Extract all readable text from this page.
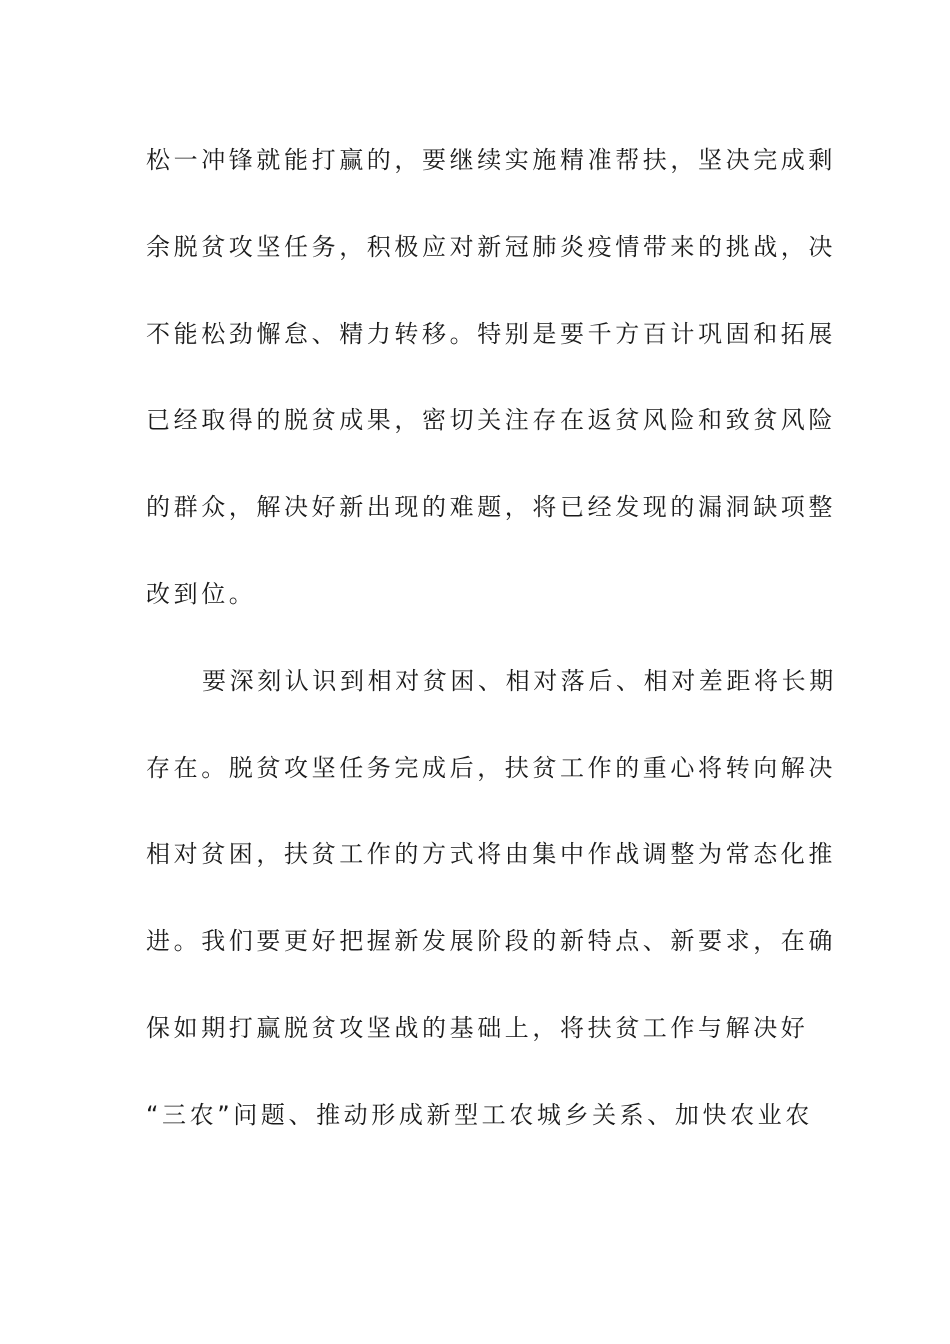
松一冲锋就能打赢的，要继续实施精准帮扶，坚决完成剩
余脱贫攻坚任务，积极应对新冠肺炎疫情带来的挑战，决
不能松劲懈怠、精力转移。特别是要千方百计巩固和拓展
已经取得的脱贫成果，密切关注存在返贫风险和致贫风险
的群众，解决好新出现的难题，将已经发现的漏洞缺项整
改到位。
要深刻认识到相对贫困、相对落后、相对差距将长期
存在。脱贫攻坚任务完成后，扶贫工作的重心将转向解决
相对贫困，扶贫工作的方式将由集中作战调整为常态化推
进。我们要更好把握新发展阶段的新特点、新要求，在确
保如期打赢脱贫攻坚战的基础上，将扶贫工作与解决好
“三农”问题、推动形成新型工农城乡关系、加快农业农
